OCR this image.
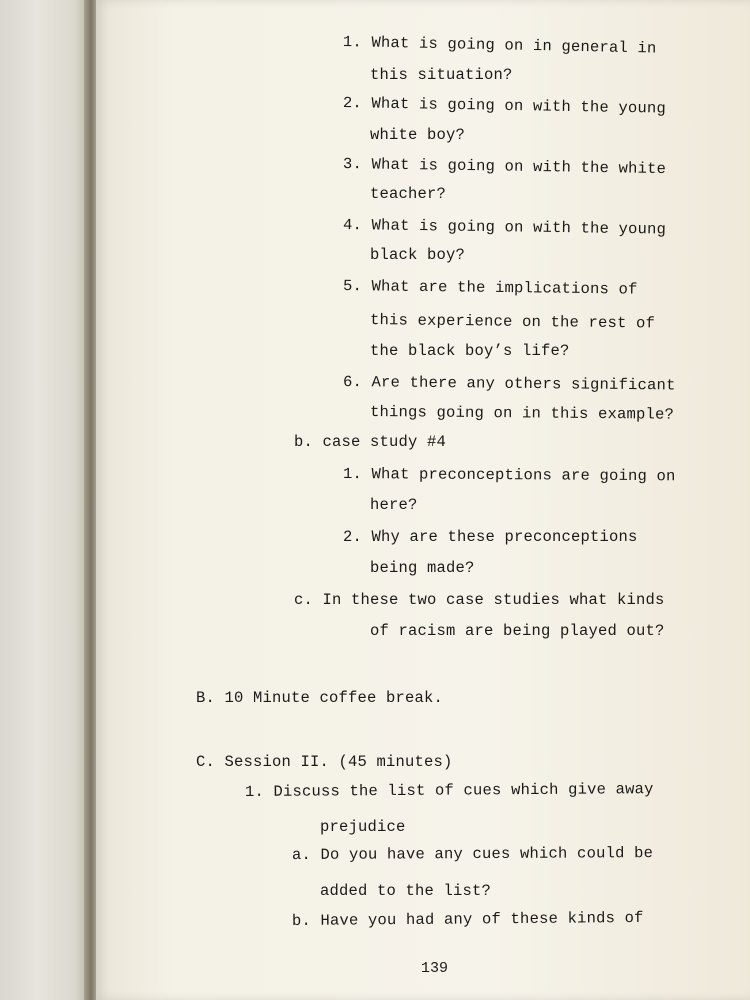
1. What is going on in general in
this situation?
2. What is going on with the young
white boy?
3. What is going on with the white
teacher?
4. What is going on with the young
black boy?
5. What are the implications of
this experience on the rest of
the black boy’s life?
6. Are there any others significant
things going on in this example?
b. case study #4
1. What preconceptions are going on
here?
2. Why are these preconceptions
being made?
c. In these two case studies what kinds
of racism are being played out?
B. 10 Minute coffee break.
C. Session II. (45 minutes)
1. Discuss the list of cues which give away
prejudice
a. Do you have any cues which could be
added to the list?
b. Have you had any of these kinds of
139
